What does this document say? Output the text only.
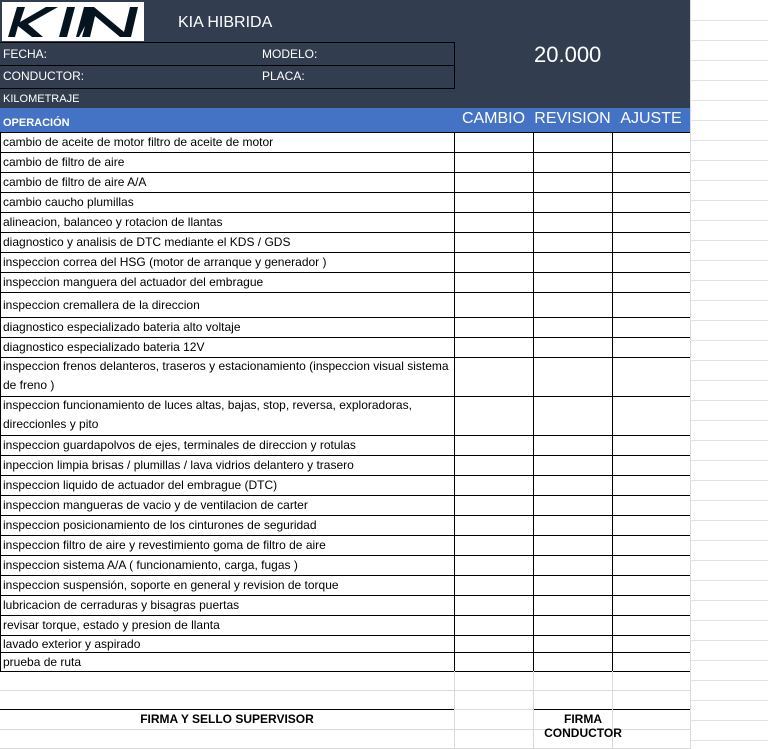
KIA HIBRIDA
FECHA:	MODELO:
CONDUCTOR:	PLACA:
KILOMETRAJE
20.000
OPERACIÓN	CAMBIO REVISION AJUSTE
cambio de aceite de motor filtro de aceite de motor
cambio de filtro de aire
cambio de filtro de aire A/A
cambio caucho plumillas
alineacion, balanceo y rotacion de llantas
diagnostico y analisis de DTC mediante el KDS / GDS
inspeccion correa del HSG (motor de arranque y generador )
inspeccion manguera del actuador del embrague
inspeccion cremallera de la direccion
diagnostico especializado bateria alto voltaje
diagnostico especializado bateria 12V
inspeccion frenos delanteros, traseros y estacionamiento (inspeccion visual sistema de freno )
inspeccion funcionamiento de luces altas, bajas, stop, reversa, exploradoras, direccionles y pito
inspeccion guardapolvos de ejes, terminales de direccion y rotulas
inpeccion limpia brisas / plumillas / lava vidrios delantero y trasero
inspeccion liquido de actuador del embrague (DTC)
inspeccion mangueras de vacio y de ventilacion de carter
inspeccion posicionamiento de los cinturones de seguridad
inspeccion filtro de aire y revestimiento goma de filtro de aire
inspeccion sistema A/A ( funcionamiento, carga, fugas )
inspeccion suspensión, soporte en general y revision de torque
lubricacion de cerraduras y bisagras puertas
revisar torque, estado y presion de llanta
lavado exterior y aspirado
prueba de ruta
FIRMA Y SELLO SUPERVISOR	FIRMA CONDUCTOR
